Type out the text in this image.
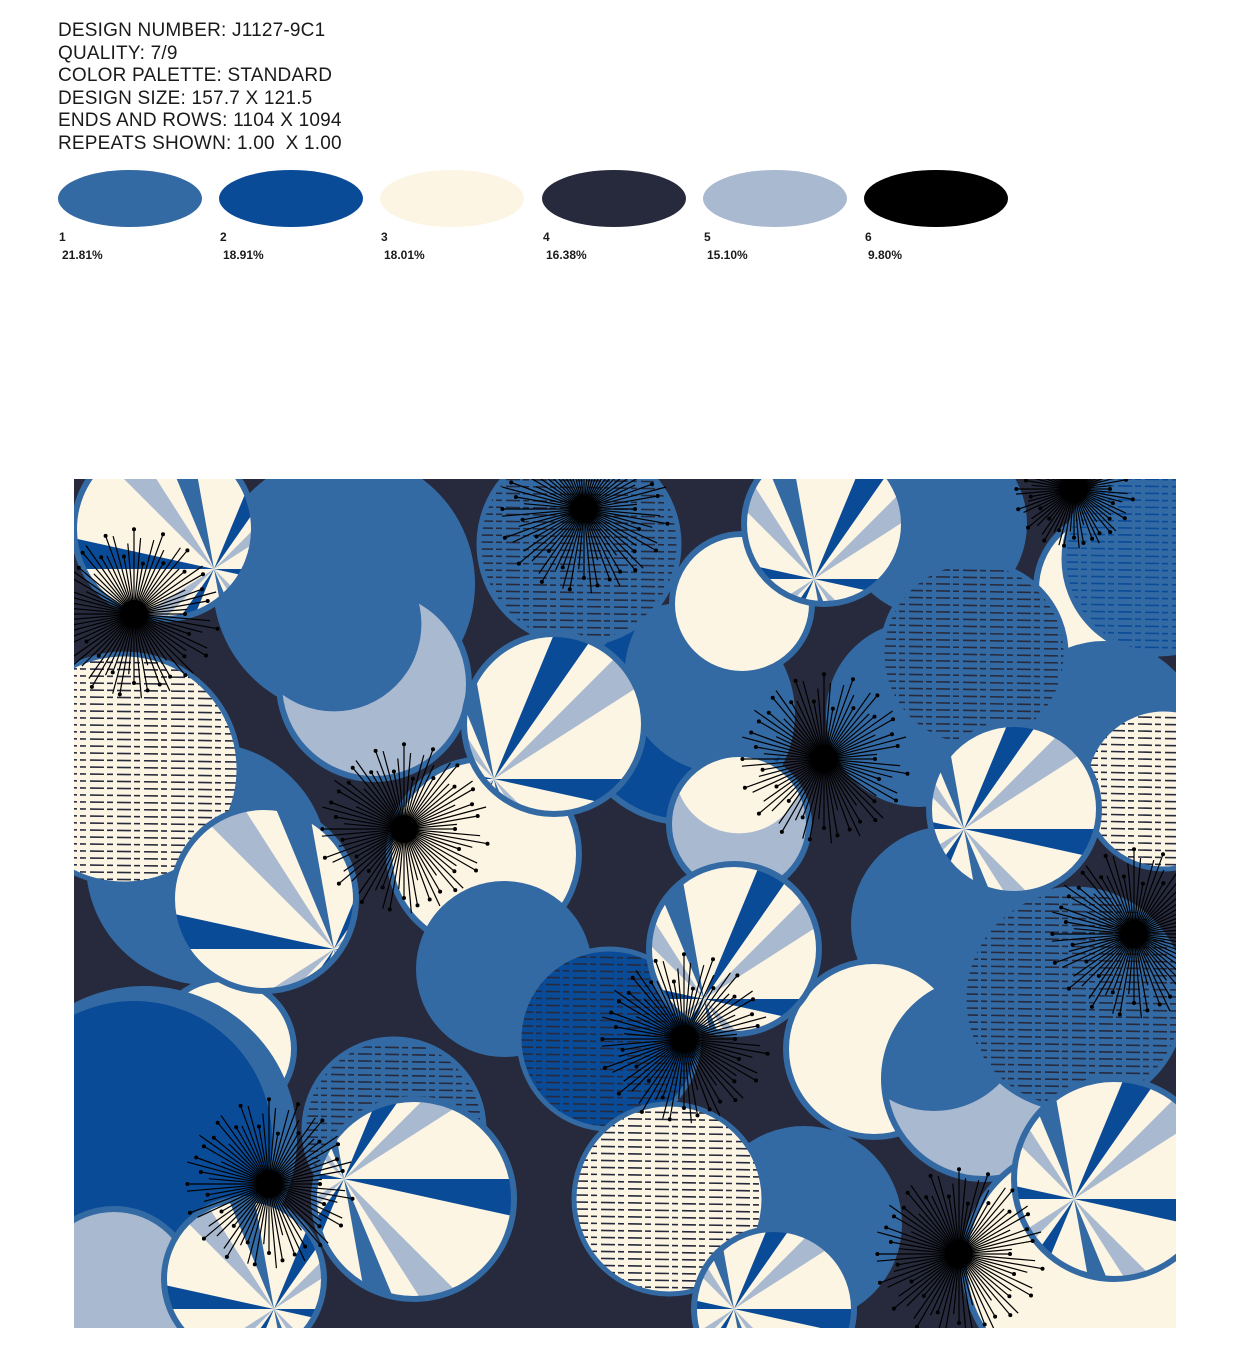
DESIGN NUMBER: J1127-9C1
QUALITY: 7/9
COLOR PALETTE: STANDARD
DESIGN SIZE: 157.7 X 121.5
ENDS AND ROWS: 1104 X 1094
REPEATS SHOWN: 1.00  X 1.00
1
21.81%
2
18.91%
3
18.01%
4
16.38%
5
15.10%
6
9.80%
